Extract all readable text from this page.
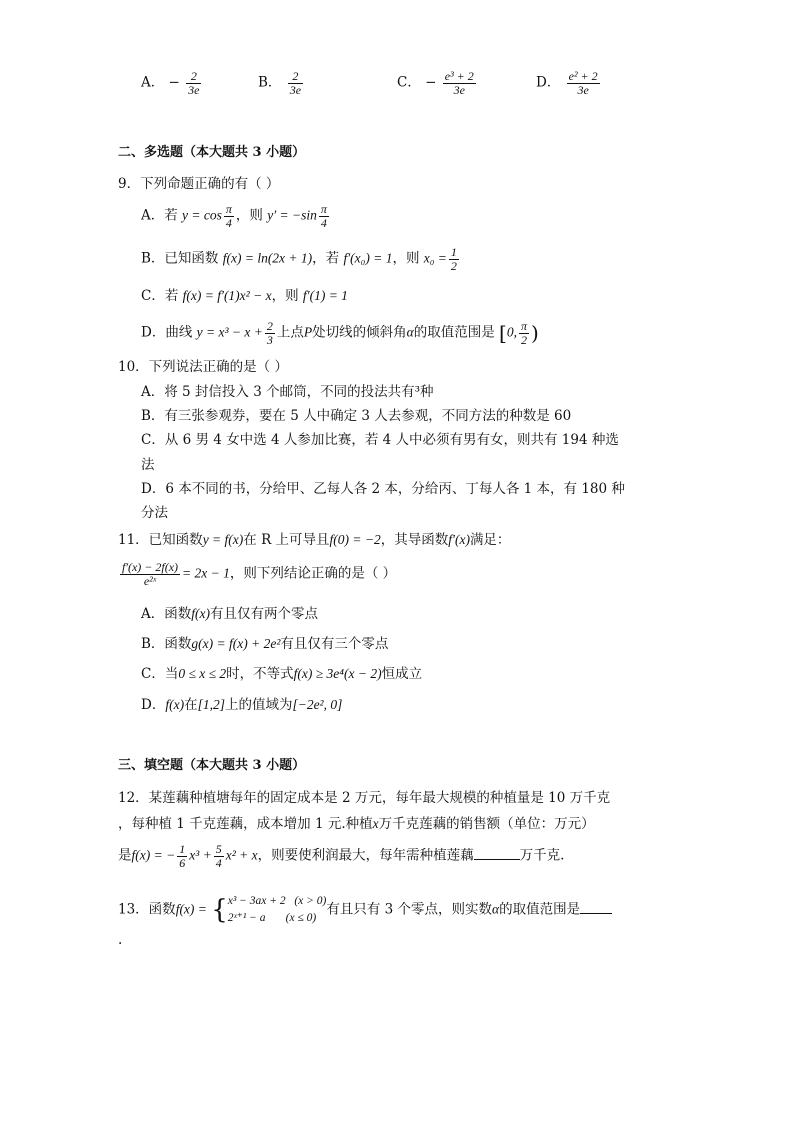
A． − $\frac{2}{3e}$	B． $\frac{2}{3e}$	C． − $\frac{\text{e³ + 2}}{3e}$	D． $\frac{\text{e² + 2}}{3e}$
二、多选题（本大题共 3 小题）
9．下列命题正确的有（ ）
A．若 $y = \cos \frac{\pi}{4}$ ，则 $y' = -\sin \frac{\pi}{4}$
B．已知函数 f(x) = ln(2x + 1)，若 f′(x₀) = 1，则 $x_0 = \frac{1}{2}$
C．若 f(x) = f′(1)x² − x，则 f′(1) = 1
D．曲线 $y = x^3 - x + \frac{2}{3}$ 上点P处切线的倾斜角α的取值范围是 [0, $\frac{\pi}{2}$ )
10．下列说法正确的是（ ）
A．将 5 封信投入 3 个邮筒，不同的投法共有³种
B．有三张参观券，要在 5 人中确定 3 人去参观，不同方法的种数是 60
C．从 6 男 4 女中选 4 人参加比赛，若 4 人中必须有男有女，则共有 194 种选
法
D．6 本不同的书，分给甲、乙每人各 2 本，分给丙、丁每人各 1 本，有 180 种
分法
11．已知函数y = f(x)在 R 上可导且f(0) = −2，其导函数f′(x)满足：
$\frac{f'(x) - 2f(x)}{\text{e²ˣ}} = 2x - 1$，则下列结论正确的是（ ）
A．函数f(x)有且仅有两个零点
B．函数g(x) = f(x) + 2e²有且仅有三个零点
C．当0 ≤ x ≤ 2时，不等式f(x) ≥ 3e⁴(x − 2)恒成立
D．f(x)在[1,2]上的值域为[−2e², 0]
三、填空题（本大题共 3 小题）
12．某莲藕种植塘每年的固定成本是 2 万元，每年最大规模的种植量是 10 万千克
，每种植 1 千克莲藕，成本增加 1 元.种植x万千克莲藕的销售额（单位：万元）
是f(x) = − $\frac{1}{6} x^3 + \frac{5}{4} x^2 + x$，则要使利润最大，每年需种植莲藕	万千克.
13．函数f(x) = { x³ − 3ax + 2 (x > 0)
2ˣ⁺¹ − a (x ≤ 0)
有且只有 3 个零点，则实数α的取值范围是
.
